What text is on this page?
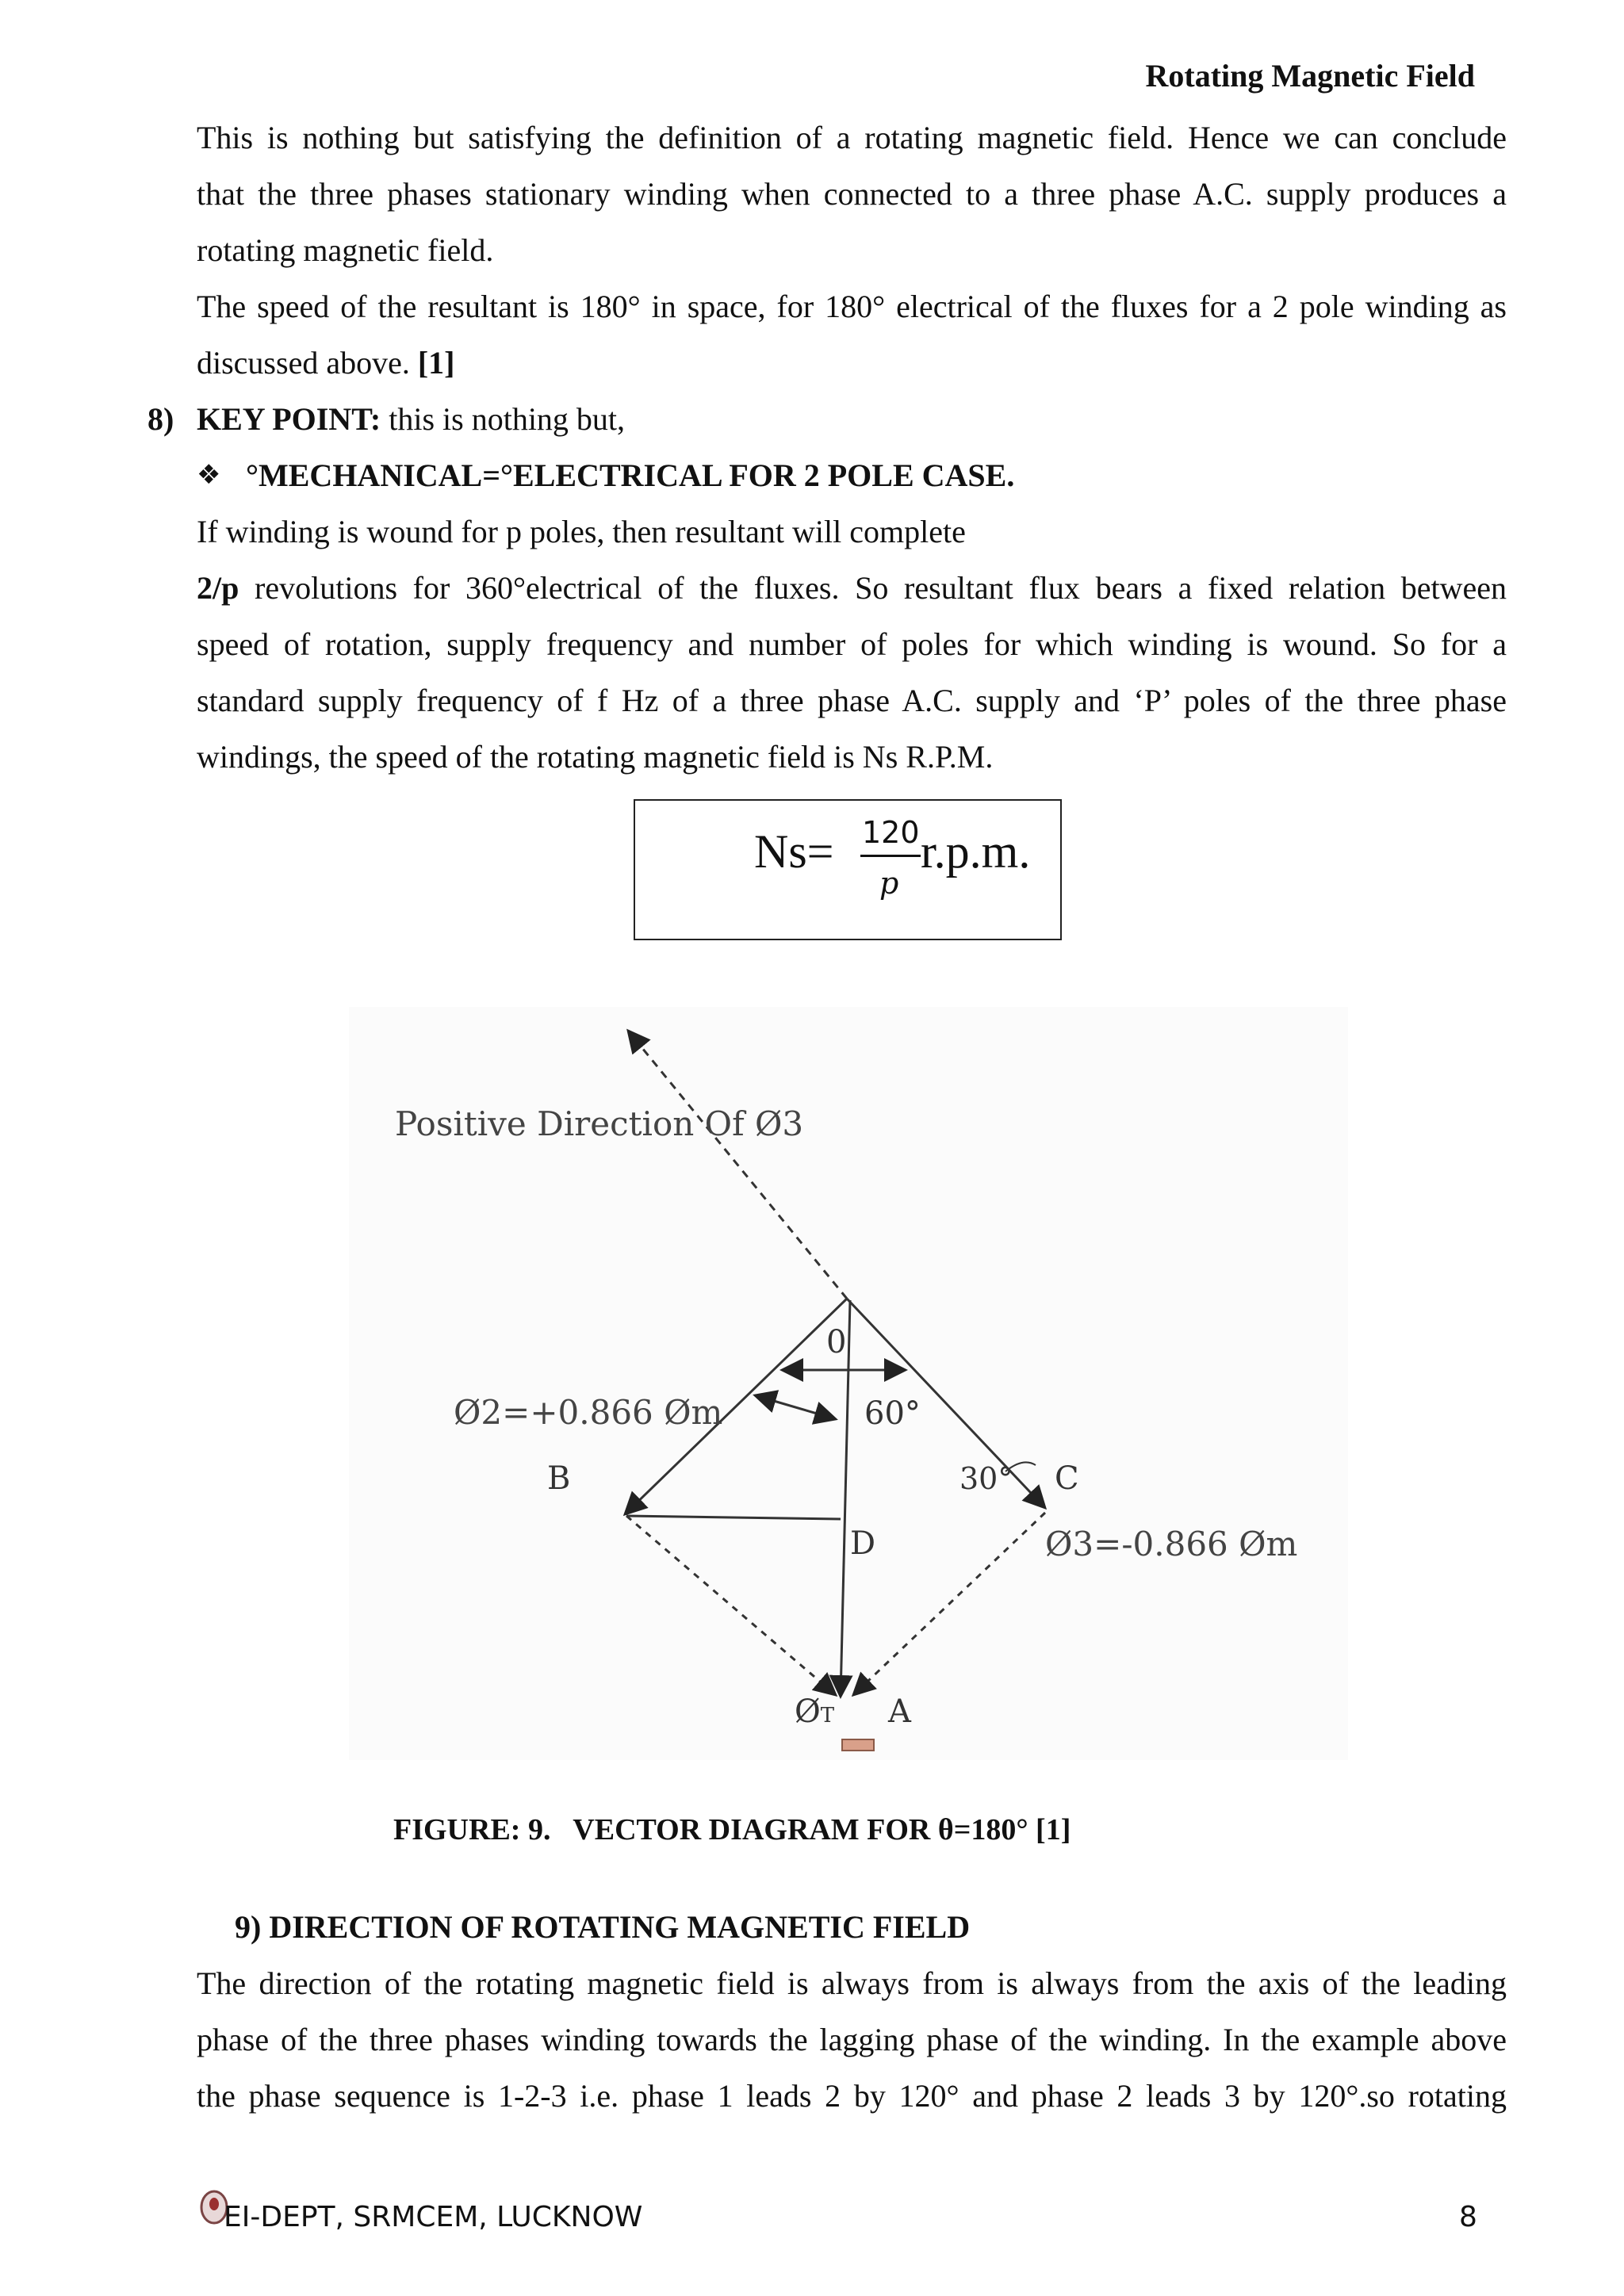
Rotating Magnetic Field
This is nothing but satisfying the definition of a rotating magnetic field. Hence we can conclude
that the three phases stationary winding when connected to a three phase A.C. supply produces a
rotating magnetic field.
The speed of the resultant is 180° in space, for 180° electrical of the fluxes for a 2 pole winding as
discussed above. [1]
8) KEY POINT: this is nothing but,
❖ °MECHANICAL=°ELECTRICAL FOR 2 POLE CASE.
If winding is wound for p poles, then resultant will complete
2/p revolutions for 360°electrical of the fluxes. So resultant flux bears a fixed relation between
speed of rotation, supply frequency and number of poles for which winding is wound. So for a
standard supply frequency of f Hz of a three phase A.C. supply and ‘P’ poles of the three phase
windings, the speed of the rotating magnetic field is Ns R.P.M.
Ns= 120
p
r.p.m.
Positive Direction Of Ø3
0
60°
Ø2=+0.866 Øm
B	30° C
D	Ø3=-0.866 Øm
ØT A
FIGURE: 9. VECTOR DIAGRAM FOR θ=180° [1]
9) DIRECTION OF ROTATING MAGNETIC FIELD
The direction of the rotating magnetic field is always from is always from the axis of the leading
phase of the three phases winding towards the lagging phase of the winding. In the example above
the phase sequence is 1-2-3 i.e. phase 1 leads 2 by 120° and phase 2 leads 3 by 120°.so rotating
EI-DEPT, SRMCEM, LUCKNOW	8
